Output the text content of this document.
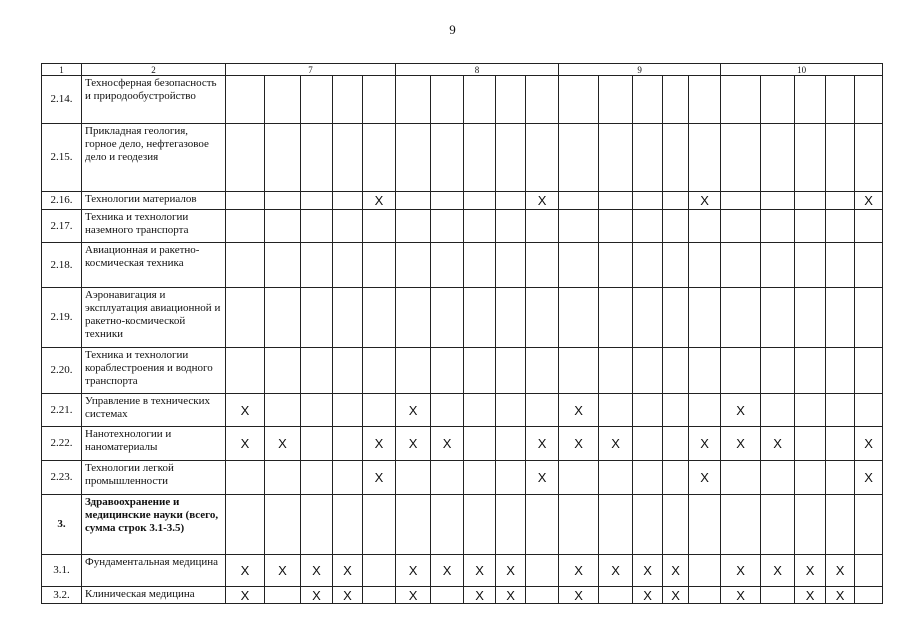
9
1	2	7					8					9					10				
2.14.	Техносферная безопасность и природообустройство																				
2.15.	Прикладная геология, горное дело, нефтегазовое дело и геодезия																				
2.16.	Технологии материалов					X					X					X					X
2.17.	Техника и технологии наземного транспорта																				
2.18.	Авиационная и ракетно-космическая техника																				
2.19.	Аэронавигация и эксплуатация авиационной и ракетно-космической техники																				
2.20.	Техника и технологии кораблестроения и водного транспорта																				
2.21.	Управление в технических системах	X					X					X					X				
2.22.	Нанотехнологии и наноматериалы	X	X			X	X	X			X	X	X			X	X	X			X
2.23.	Технологии легкой промышленности					X					X					X					X
3.	Здравоохранение и медицинские науки (всего, сумма строк 3.1-3.5)																				
3.1.	Фундаментальная медицина	X	X	X	X		X	X	X	X		X	X	X	X		X	X	X	X	
3.2.	Клиническая медицина	X		X	X		X		X	X		X		X	X		X		X	X	
